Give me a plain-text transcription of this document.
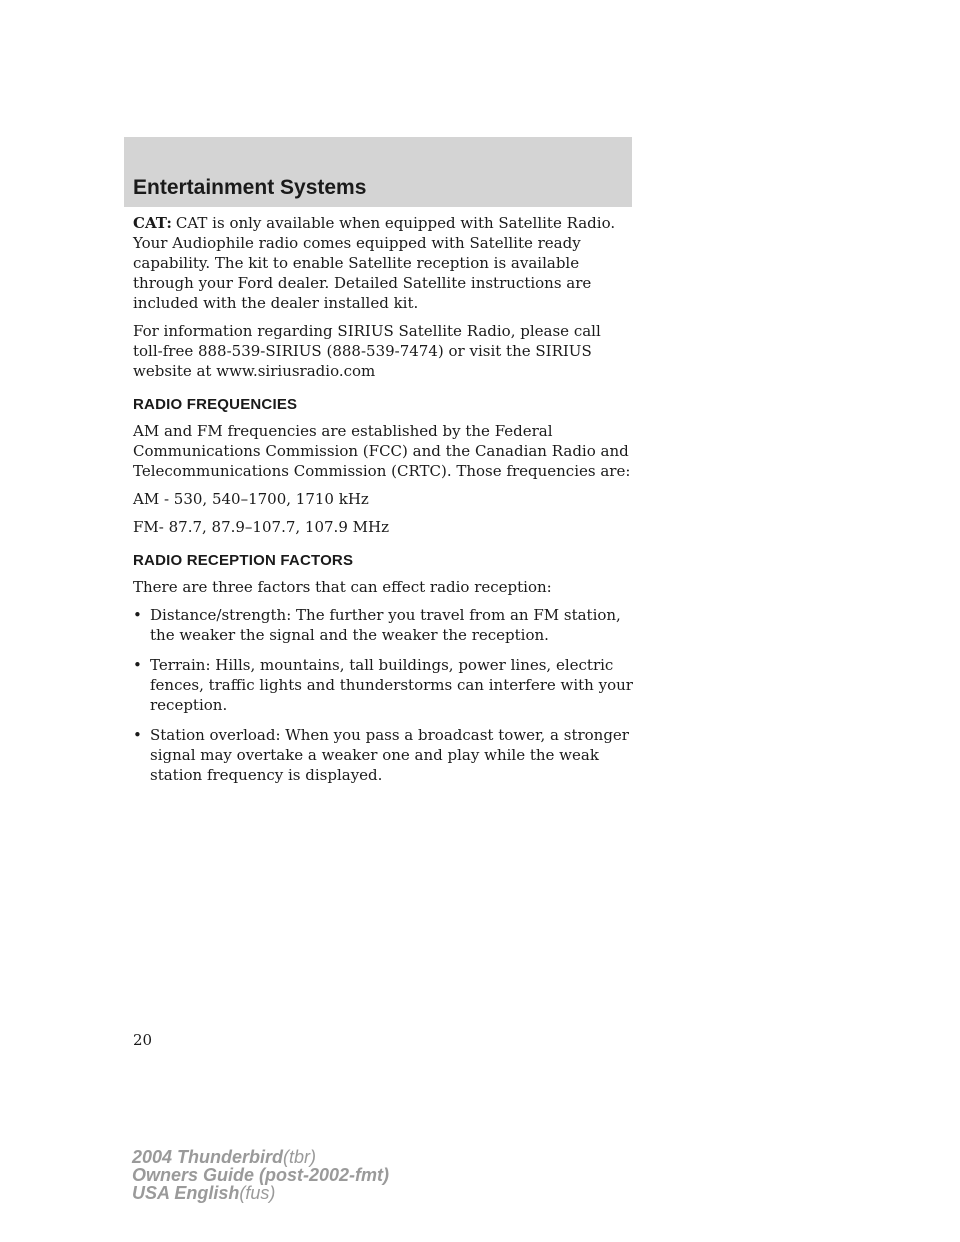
Entertainment Systems

CAT: CAT is only available when equipped with Satellite Radio. Your Audiophile radio comes equipped with Satellite ready capability. The kit to enable Satellite reception is available through your Ford dealer. Detailed Satellite instructions are included with the dealer installed kit.

For information regarding SIRIUS Satellite Radio, please call toll-free 888-539-SIRIUS (888-539-7474) or visit the SIRIUS website at www.siriusradio.com

RADIO FREQUENCIES

AM and FM frequencies are established by the Federal Communications Commission (FCC) and the Canadian Radio and Telecommunications Commission (CRTC). Those frequencies are:

AM - 530, 540–1700, 1710 kHz

FM- 87.7, 87.9–107.7, 107.9 MHz

RADIO RECEPTION FACTORS

There are three factors that can effect radio reception:

• Distance/strength: The further you travel from an FM station, the weaker the signal and the weaker the reception.
• Terrain: Hills, mountains, tall buildings, power lines, electric fences, traffic lights and thunderstorms can interfere with your reception.
• Station overload: When you pass a broadcast tower, a stronger signal may overtake a weaker one and play while the weak station frequency is displayed.
20
2004 Thunderbird(tbr)
Owners Guide (post-2002-fmt)
USA English(fus)
